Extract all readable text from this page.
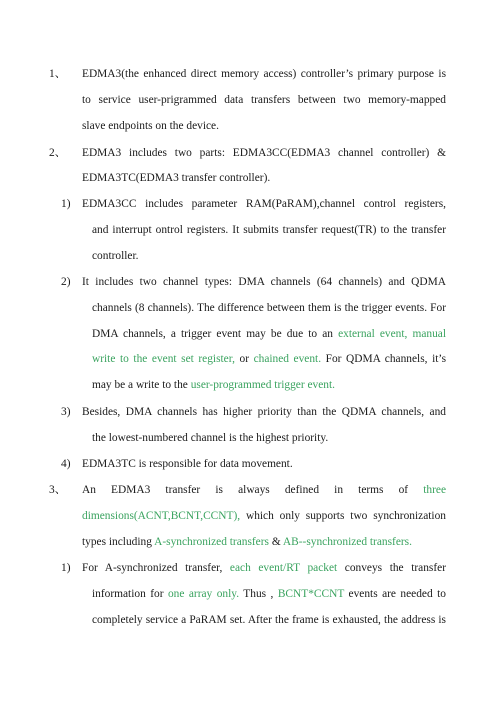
1、 EDMA3(the enhanced direct memory access) controller’s primary purpose is
to service user-prigrammed data transfers between two memory-mapped
slave endpoints on the device.
2、 EDMA3 includes two parts: EDMA3CC(EDMA3 channel controller) &
EDMA3TC(EDMA3 transfer controller).
1) EDMA3CC includes parameter RAM(PaRAM),channel control registers,
and interrupt ontrol registers. It submits transfer request(TR) to the transfer
controller.
2) It includes two channel types: DMA channels (64 channels) and QDMA
channels (8 channels). The difference between them is the trigger events. For
DMA channels, a trigger event may be due to an external event, manual
write to the event set register, or chained event. For QDMA channels, it’s
may be a write to the user-programmed trigger event.
3) Besides, DMA channels has higher priority than the QDMA channels, and
the lowest-numbered channel is the highest priority.
4) EDMA3TC is responsible for data movement.
3、 An EDMA3 transfer is always defined in terms of three
dimensions(ACNT,BCNT,CCNT), which only supports two synchronization
types including A-synchronized transfers & AB--synchronized transfers.
1) For A-synchronized transfer, each event/RT packet conveys the transfer
information for one array only. Thus , BCNT*CCNT events are needed to
completely service a PaRAM set. After the frame is exhausted, the address is
